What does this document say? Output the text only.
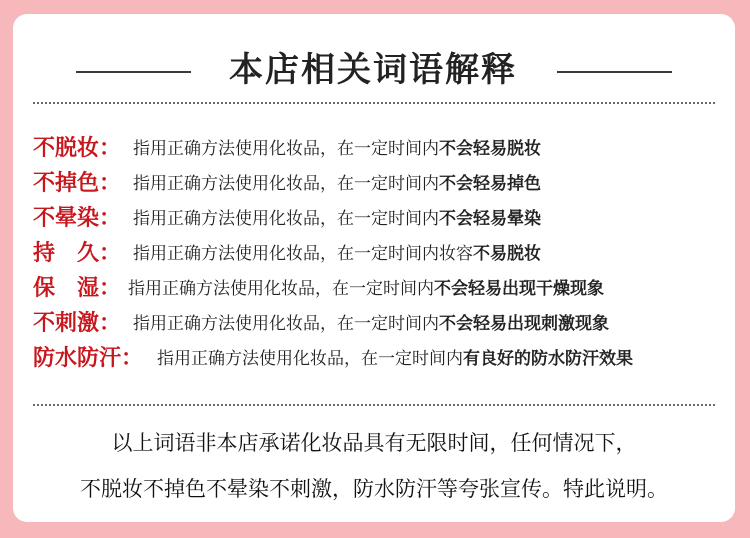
本店相关词语解释
不脱妆： 指用正确方法使用化妆品，在一定时间内不会轻易脱妆
不掉色： 指用正确方法使用化妆品，在一定时间内不会轻易掉色
不晕染： 指用正确方法使用化妆品，在一定时间内不会轻易晕染
持　久： 指用正确方法使用化妆品，在一定时间内妆容不易脱妆
保　湿： 指用正确方法使用化妆品，在一定时间内不会轻易出现干燥现象
不刺激： 指用正确方法使用化妆品，在一定时间内不会轻易出现刺激现象
防水防汗： 指用正确方法使用化妆品，在一定时间内有良好的防水防汗效果
以上词语非本店承诺化妆品具有无限时间，任何情况下，
不脱妆不掉色不晕染不刺激，防水防汗等夸张宣传。特此说明。
